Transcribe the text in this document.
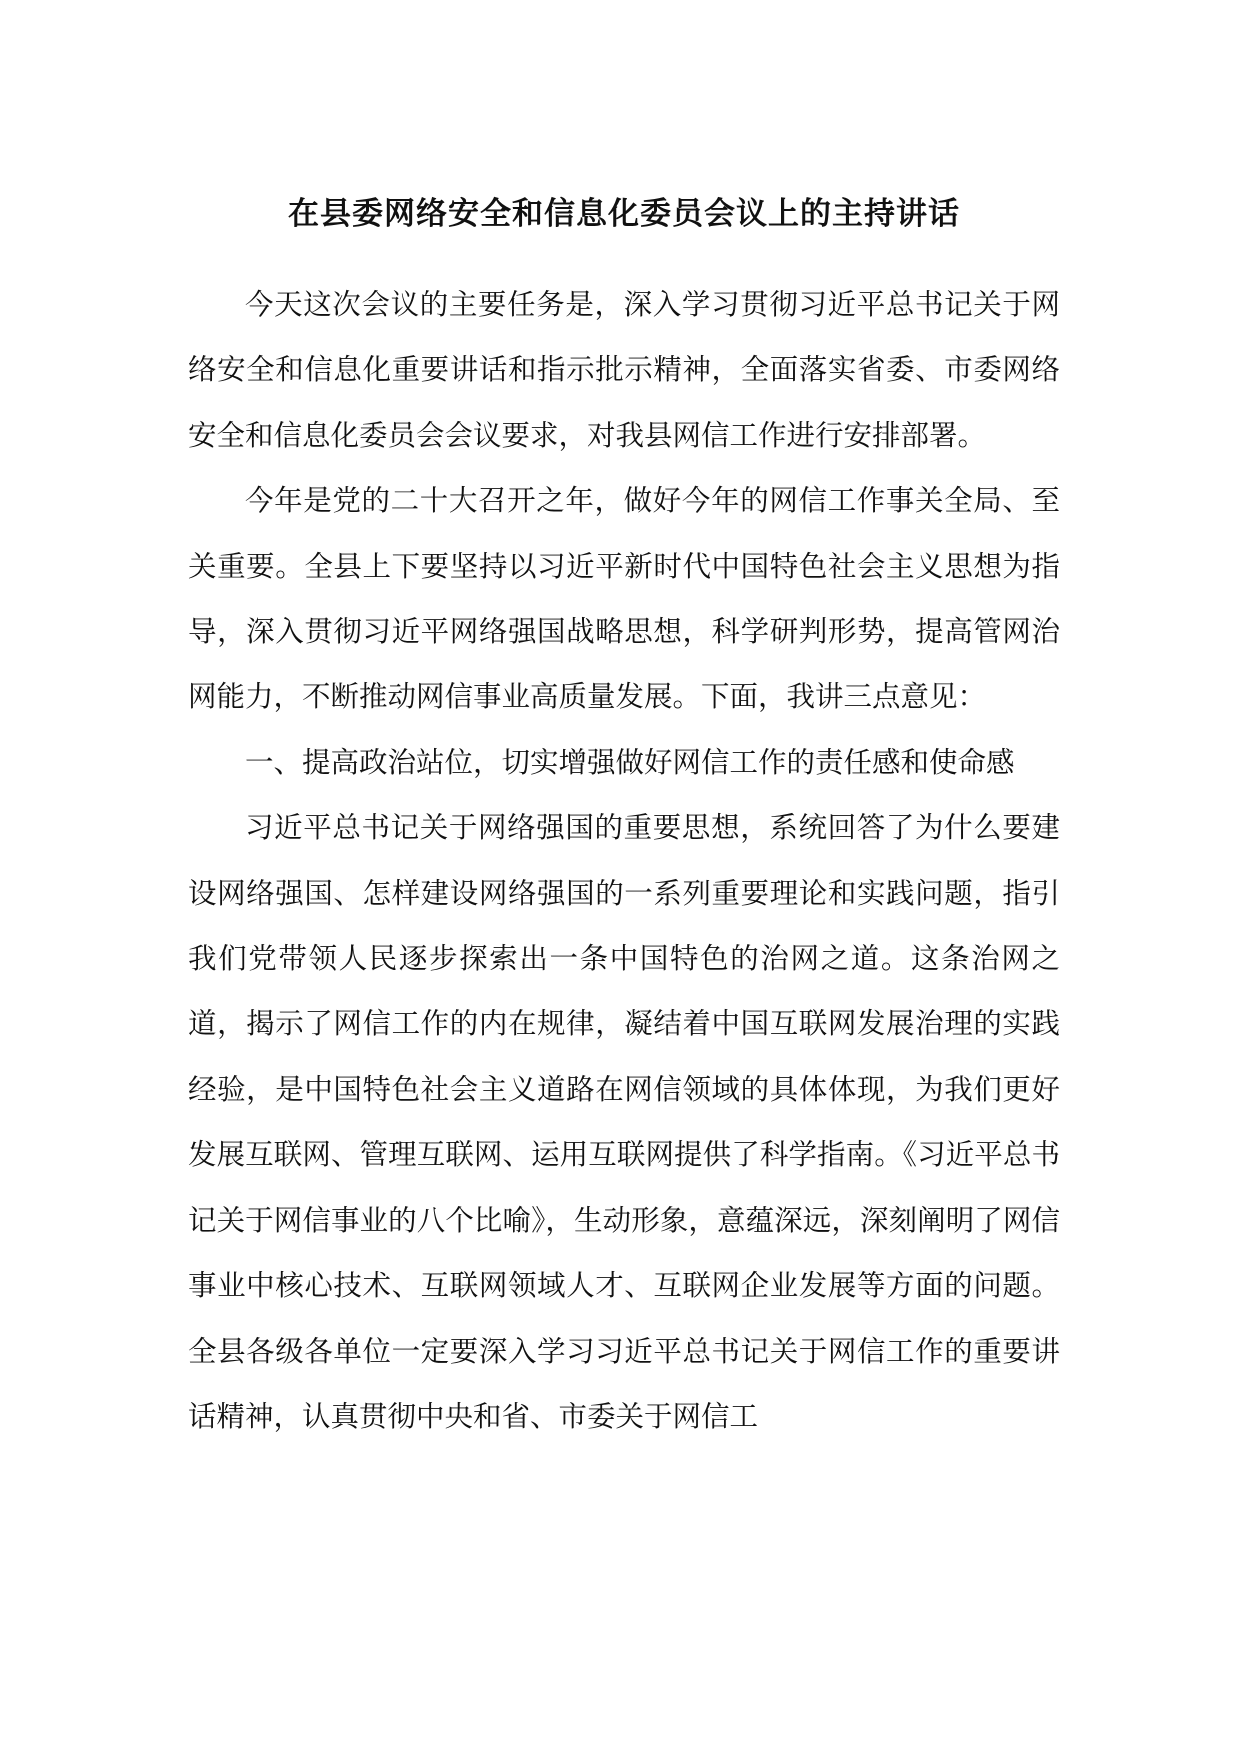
在县委网络安全和信息化委员会议上的主持讲话

今天这次会议的主要任务是，深入学习贯彻习近平总书记关于网络安全和信息化重要讲话和指示批示精神，全面落实省委、市委网络安全和信息化委员会会议要求，对我县网信工作进行安排部署。

今年是党的二十大召开之年，做好今年的网信工作事关全局、至关重要。全县上下要坚持以习近平新时代中国特色社会主义思想为指导，深入贯彻习近平网络强国战略思想，科学研判形势，提高管网治网能力，不断推动网信事业高质量发展。下面，我讲三点意见：

一、提高政治站位，切实增强做好网信工作的责任感和使命感

习近平总书记关于网络强国的重要思想，系统回答了为什么要建设网络强国、怎样建设网络强国的一系列重要理论和实践问题，指引我们党带领人民逐步探索出一条中国特色的治网之道。这条治网之道，揭示了网信工作的内在规律，凝结着中国互联网发展治理的实践经验，是中国特色社会主义道路在网信领域的具体体现，为我们更好发展互联网、管理互联网、运用互联网提供了科学指南。《习近平总书记关于网信事业的八个比喻》，生动形象，意蕴深远，深刻阐明了网信事业中核心技术、互联网领域人才、互联网企业发展等方面的问题。全县各级各单位一定要深入学习习近平总书记关于网信工作的重要讲话精神，认真贯彻中央和省、市委关于网信工
